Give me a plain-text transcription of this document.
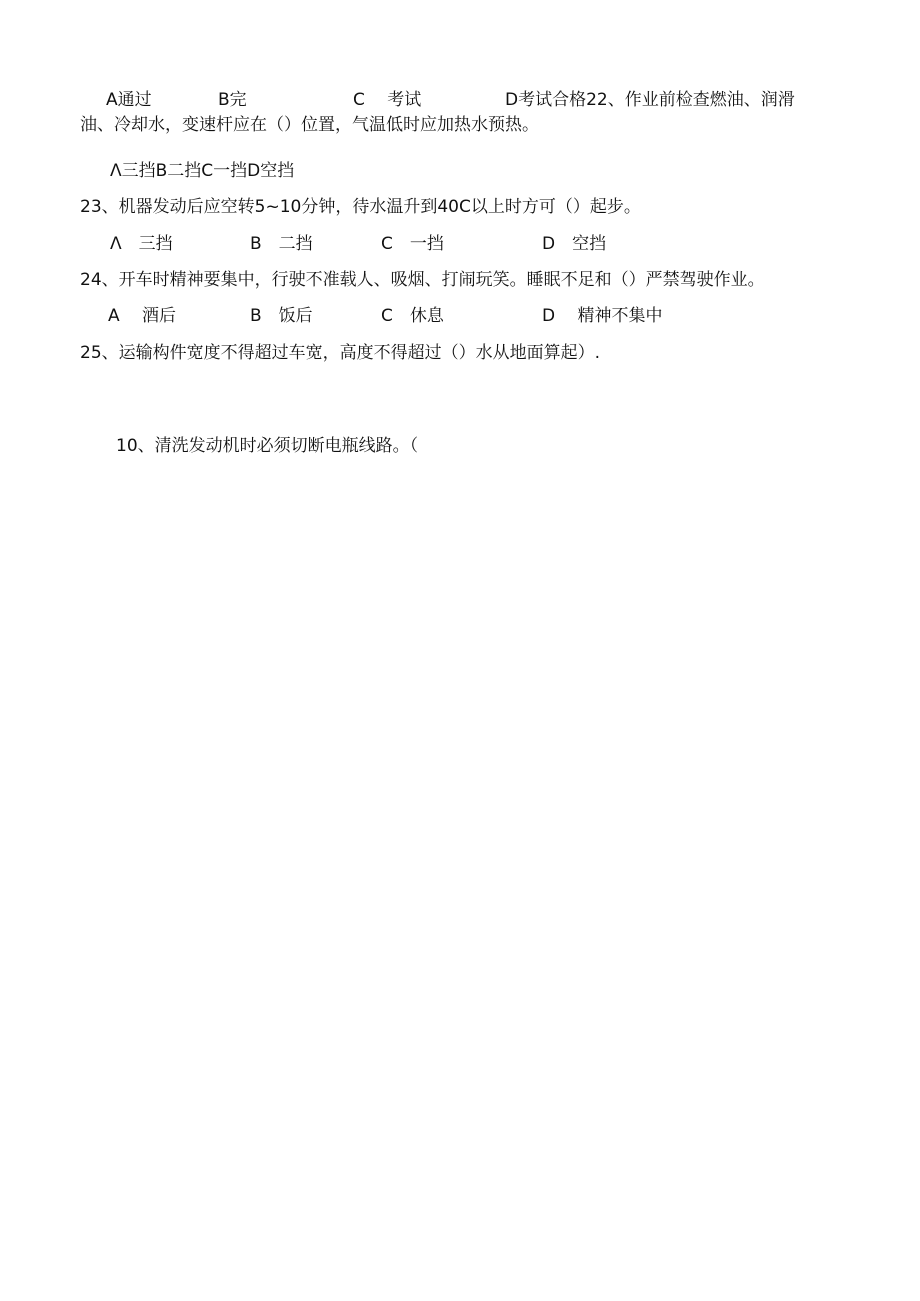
A通过	B完	C　 考试	D考试合格22、作业前检查燃油、润滑
油、冷却水，变速杆应在（）位置，气温低时应加热水预热。
Λ三挡B二挡C一挡D空挡
23、机器发动后应空转5~10分钟，待水温升到40C以上时方可（）起步。
Λ　三挡	B　二挡	C　一挡	D　空挡
24、开车时精神要集中，行驶不准载人、吸烟、打闹玩笑。睡眠不足和（）严禁驾驶作业。
A　 酒后	B　饭后	C　休息	D　 精神不集中
25、运输构件宽度不得超过车宽，高度不得超过（）水从地面算起）.
10、清洗发动机时必须切断电瓶线路。（
